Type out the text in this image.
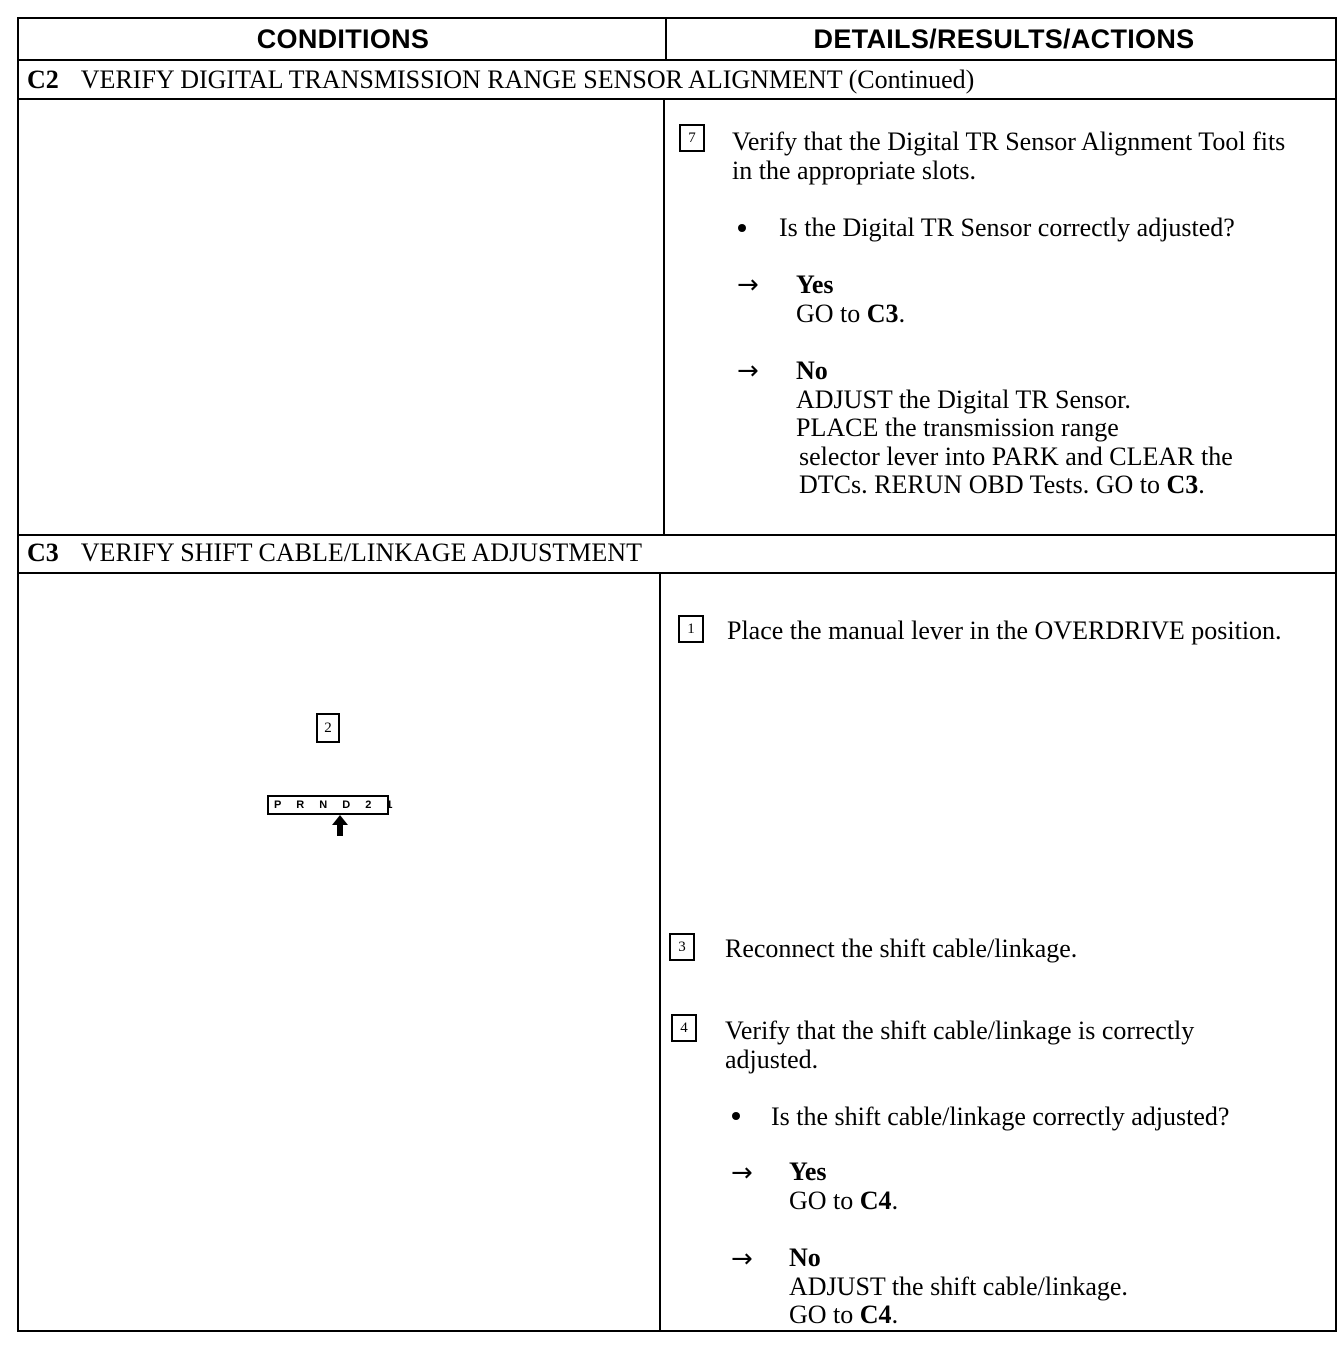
CONDITIONS	DETAILS/RESULTS/ACTIONS
C2 VERIFY DIGITAL TRANSMISSION RANGE SENSOR ALIGNMENT (Continued)
7	Verify that the Digital TR Sensor Alignment Tool fits in the appropriate slots.
Is the Digital TR Sensor correctly adjusted?
→ Yes
GO to C3.
→ No
ADJUST the Digital TR Sensor.
PLACE the transmission range
selector lever into PARK and CLEAR the
DTCs. RERUN OBD Tests. GO to C3.
C3 VERIFY SHIFT CABLE/LINKAGE ADJUSTMENT
1	Place the manual lever in the OVERDRIVE position.
2
P R N D 2 1
3	Reconnect the shift cable/linkage.
4	Verify that the shift cable/linkage is correctly adjusted.
Is the shift cable/linkage correctly adjusted?
→ Yes
GO to C4.
→ No
ADJUST the shift cable/linkage.
GO to C4.
